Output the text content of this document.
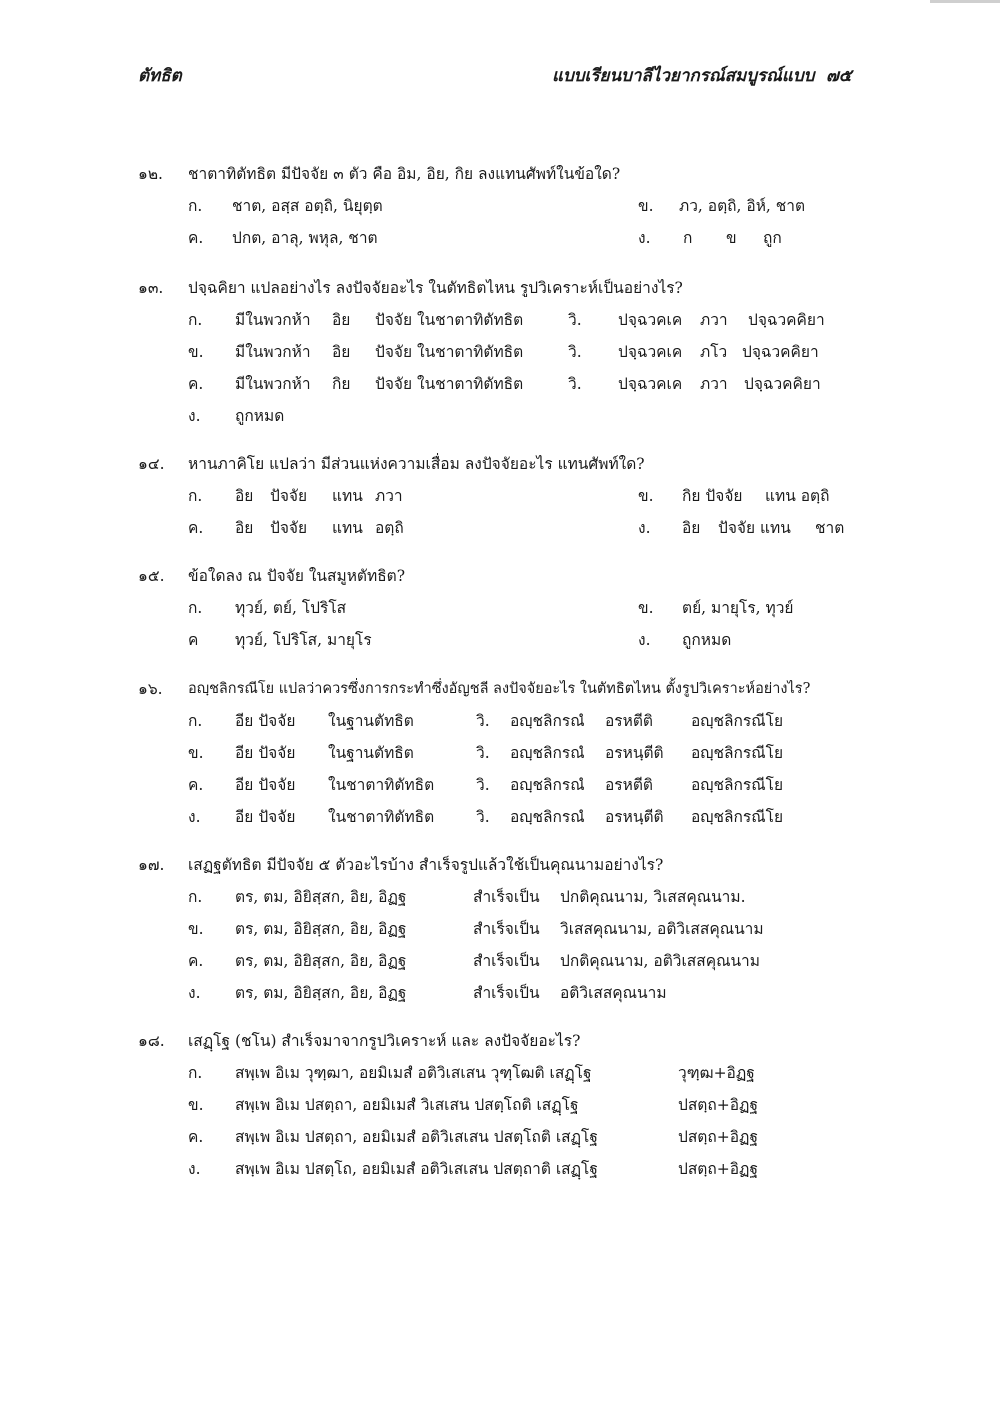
ตัทธิต	แบบเรียนบาลีไวยากรณ์สมบูรณ์แบบ ๗๕
๑๒. ชาตาทิตัทธิต มีปัจจัย ๓ ตัว คือ อิม, อิย, กิย ลงแทนศัพท์ในข้อใด?
ก. ชาต, อสฺส อตฺถิ, นิยุตฺต	ข. ภว, อตฺถิ, อิห์, ชาต
ค. ปกต, อาลุ, พหุล, ชาต	ง. ก ข ถูก
๑๓. ปจฺฉคิยา แปลอย่างไร ลงปัจจัยอะไร ในตัทธิตไหน รูปวิเคราะห์เป็นอย่างไร?
ก. มีในพวกห้า อิย ปัจจัย ในชาตาทิตัทธิต	วิ. ปจฺฉวคเค ภวา ปจฺฉวคคิยา
ข. มีในพวกห้า อิย ปัจจัย ในชาตาทิตัทธิต	วิ. ปจฺฉวคเค ภโว ปจฺฉวคคิยา
ค. มีในพวกห้า กิย ปัจจัย ในชาตาทิตัทธิต	วิ. ปจฺฉวคเค ภวา ปจฺฉวคคิยา
ง. ถูกหมด
๑๔. หานภาคิโย แปลว่า มีส่วนแห่งความเสื่อม ลงปัจจัยอะไร แทนศัพท์ใด?
ก. อิย ปัจจัย แทน ภวา	ข. กิย ปัจจัย แทน อตฺถิ
ค. อิย ปัจจัย แทน อตฺถิ	ง. อิย ปัจจัย แทน ชาต
๑๕. ข้อใดลง ณ ปัจจัย ในสมูหตัทธิต?
ก. ทุวย์, ตย์, โปริโส	ข. ตย์, มายุโร, ทุวย์
ค ทุวย์, โปริโส, มายุโร	ง. ถูกหมด
๑๖. อญฺชลิกรณีโย แปลว่าควรซึ่งการกระทำซึ่งอัญชลี ลงปัจจัยอะไร ในตัทธิตไหน ตั้งรูปวิเคราะห์อย่างไร?
ก. อีย ปัจจัย ในฐานตัทธิต	วิ. อญฺชลิกรณํ อรหตีติ อญฺชลิกรณีโย
ข. อีย ปัจจัย ในฐานตัทธิต	วิ. อญฺชลิกรณํ อรหนฺตีติ อญฺชลิกรณีโย
ค. อีย ปัจจัย ในชาตาทิตัทธิต	วิ. อญฺชลิกรณํ อรหตีติ อญฺชลิกรณีโย
ง. อีย ปัจจัย ในชาตาทิตัทธิต	วิ. อญฺชลิกรณํ อรหนฺตีติ อญฺชลิกรณีโย
๑๗. เสฏฐตัทธิต มีปัจจัย ๕ ตัวอะไรบ้าง สำเร็จรูปแล้วใช้เป็นคุณนามอย่างไร?
ก. ตร, ตม, อิยิสฺสก, อิย, อิฏฐ	สำเร็จเป็น ปกติคุณนาม, วิเสสคุณนาม.
ข. ตร, ตม, อิยิสฺสก, อิย, อิฏฐ	สำเร็จเป็น วิเสสคุณนาม, อติวิเสสคุณนาม
ค. ตร, ตม, อิยิสฺสก, อิย, อิฏฐ	สำเร็จเป็น ปกติคุณนาม, อติวิเสสคุณนาม
ง. ตร, ตม, อิยิสฺสก, อิย, อิฏฐ	สำเร็จเป็น อติวิเสสคุณนาม
๑๘. เสฏฺโฐ (ชโน) สำเร็จมาจากรูปวิเคราะห์ และ ลงปัจจัยอะไร?
ก. สพฺเพ อิเม วุฑฺฒา, อยมิเมสํ อติวิเสเสน วุฑฺโฒติ เสฏฺโฐ	วุฑฺฒ+อิฏฐ
ข. สพฺเพ อิเม ปสตฺถา, อยมิเมสํ วิเสเสน ปสตฺโถติ เสฏฺโฐ	ปสตฺถ+อิฏฐ
ค. สพฺเพ อิเม ปสตฺถา, อยมิเมสํ อติวิเสเสน ปสตฺโถติ เสฏฺโฐ	ปสตฺถ+อิฏฐ
ง. สพฺเพ อิเม ปสตฺโถ, อยมิเมสํ อติวิเสเสน ปสตฺถาติ เสฏฺโฐ	ปสตฺถ+อิฏฐ
